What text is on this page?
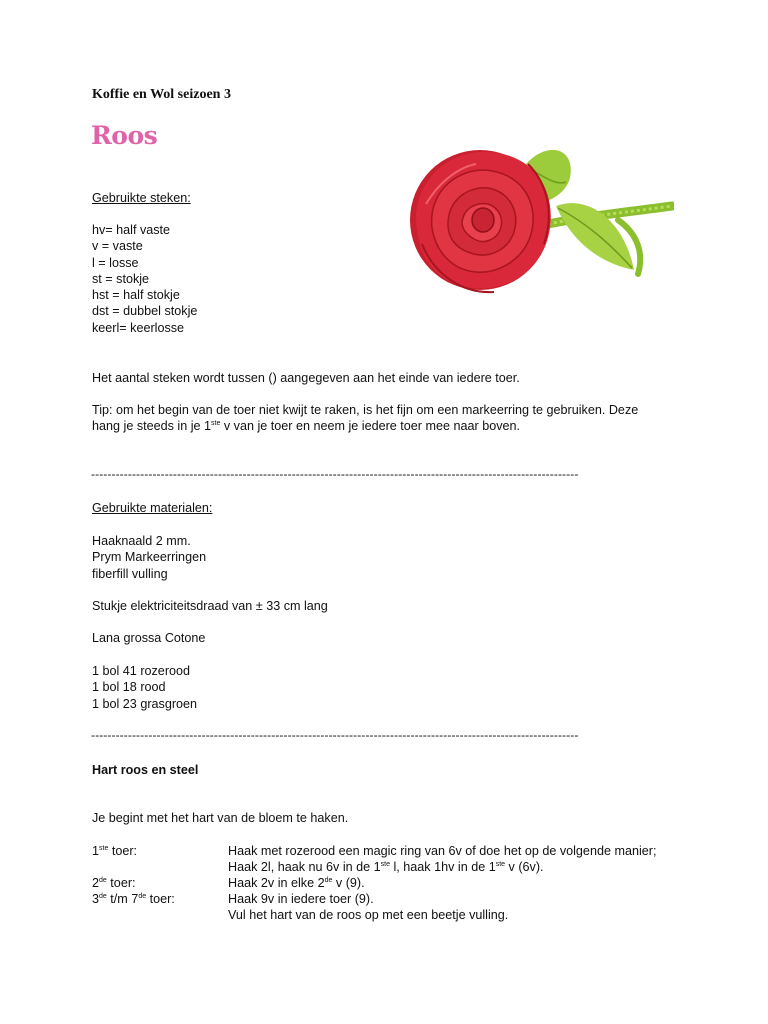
Koffie en Wol seizoen 3
Roos
Gebruikte steken:
hv= half vaste
v = vaste
l = losse
st = stokje
hst = half stokje
dst = dubbel stokje
keerl= keerlosse
Het aantal steken wordt tussen () aangegeven aan het einde van iedere toer.
Tip: om het begin van de toer niet kwijt te raken, is het fijn om een markeerring te gebruiken. Deze
hang je steeds in je 1ste v van je toer en neem je iedere toer mee naar boven.
-----------------------------------------------------------------------------------------------------------------------
Gebruikte materialen:
Haaknaald 2 mm.
Prym Markeerringen
fiberfill vulling
Stukje elektriciteitsdraad van ± 33 cm lang
Lana grossa Cotone
1 bol 41 rozerood
1 bol 18 rood
1 bol 23 grasgroen
-----------------------------------------------------------------------------------------------------------------------
Hart roos en steel
Je begint met het hart van de bloem te haken.
1ste toer:	Haak met rozerood een magic ring van 6v of doe het op de volgende manier;
Haak 2l, haak nu 6v in de 1ste l, haak 1hv in de 1ste v (6v).
2de toer:	Haak 2v in elke 2de v (9).
3de t/m 7de toer:	Haak 9v in iedere toer (9).
Vul het hart van de roos op met een beetje vulling.
